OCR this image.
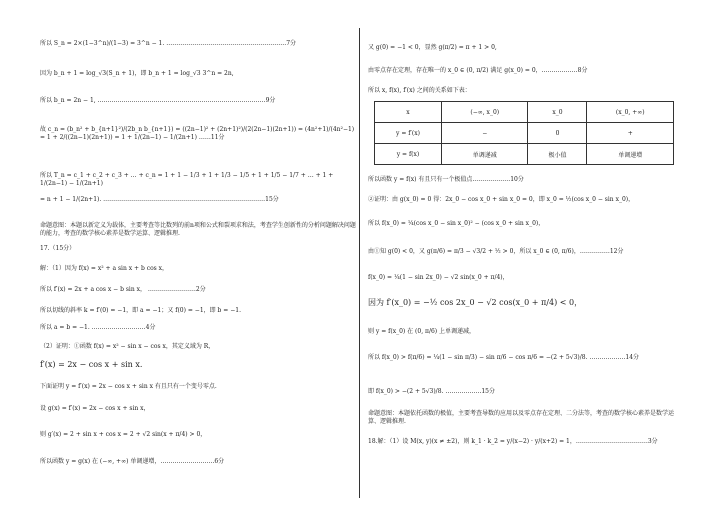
所以 S_n = 2×(1−3^n)/(1−3) = 3^n − 1. ……………………………………………………7分
因为 b_n + 1 = log_√3(S_n + 1)，即 b_n + 1 = log_√3 3^n = 2n,
所以 b_n = 2n − 1, …………………………………………………………………………9分
故 c_n = (b_n² + b_{n+1}²)/(2b_n b_{n+1}) = ((2n−1)² + (2n+1)²)/(2(2n−1)(2n+1)) = (4n²+1)/(4n²−1) = 1 + 2/((2n−1)(2n+1)) = 1 + 1/(2n−1) − 1/(2n+1) ……11分
所以 T_n = c_1 + c_2 + c_3 + … + c_n = 1 + 1 − 1/3 + 1 + 1/3 − 1/5 + 1 + 1/5 − 1/7 + … + 1 + 1/(2n−1) − 1/(2n+1)
= n + 1 − 1/(2n+1). ………………………………………………………………………15分
命题意图：本题以新定义为载体，主要考查等比数列的前n项和公式和裂项求和法，考查学生创新性的分析问题解决问题的能力，考查的数学核心素养是数学运算、逻辑推理.
17.（15分）
解：（1）因为 f(x) = x² + a sin x + b cos x，
所以 f′(x) = 2x + a cos x − b sin x， ……………………2分
所以切线的斜率 k = f′(0) = −1，即 a = −1；又 f(0) = −1，即 b = −1.
所以 a = b = −1. ………………………4分
（2）证明：①函数 f(x) = x² − sin x − cos x，其定义域为 R，
f′(x) = 2x − cos x + sin x.
下面证明 y = f′(x) = 2x − cos x + sin x 有且只有一个变号零点.
设 g(x) = f′(x) = 2x − cos x + sin x，
则 g′(x) = 2 + sin x + cos x = 2 + √2 sin(x + π/4) > 0，
所以函数 y = g(x) 在 (−∞, +∞) 单调递增，………………………6分
又 g(0) = −1 < 0，显然 g(π/2) = π + 1 > 0,
由零点存在定理，存在唯一的 x_0 ∈ (0, π/2) 满足 g(x_0) = 0，………………8分
所以 x, f(x), f′(x) 之间的关系如下表：
x	(−∞, x_0)	x_0	(x_0, +∞)
y = f′(x)	−	0	+
y = f(x)	单调递减	极小值	单调递增
所以函数 y = f(x) 有且只有一个极值点.………………10分
②证明：由 g(x_0) = 0 得：2x_0 − cos x_0 + sin x_0 = 0，即 x_0 = ½(cos x_0 − sin x_0)，
所以 f(x_0) = ¼(cos x_0 − sin x_0)² − (cos x_0 + sin x_0)，
由①知 g(0) < 0，又 g(π/6) = π/3 − √3/2 + ½ > 0，所以 x_0 ∈ (0, π/6)，……………12分
f(x_0) = ¼(1 − sin 2x_0) − √2 sin(x_0 + π/4)，
因为 f′(x_0) = −½ cos 2x_0 − √2 cos(x_0 + π/4) < 0，
则 y = f(x_0) 在 (0, π/6) 上单调递减，
所以 f(x_0) > f(π/6) = ¼(1 − sin π/3) − sin π/6 − cos π/6 = −(2 + 5√3)/8. ………………14分
即 f(x_0) > −(2 + 5√3)/8. ………………15分
命题意图：本题依托函数的极值，主要考查导数的应用以及零点存在定理、二分法等，考查的数学核心素养是数学运算、逻辑推理.
18.解：（1）设 M(x, y)(x ≠ ±2)，则 k_1 · k_2 = y/(x−2) · y/(x+2) = 1，………………………………3分
